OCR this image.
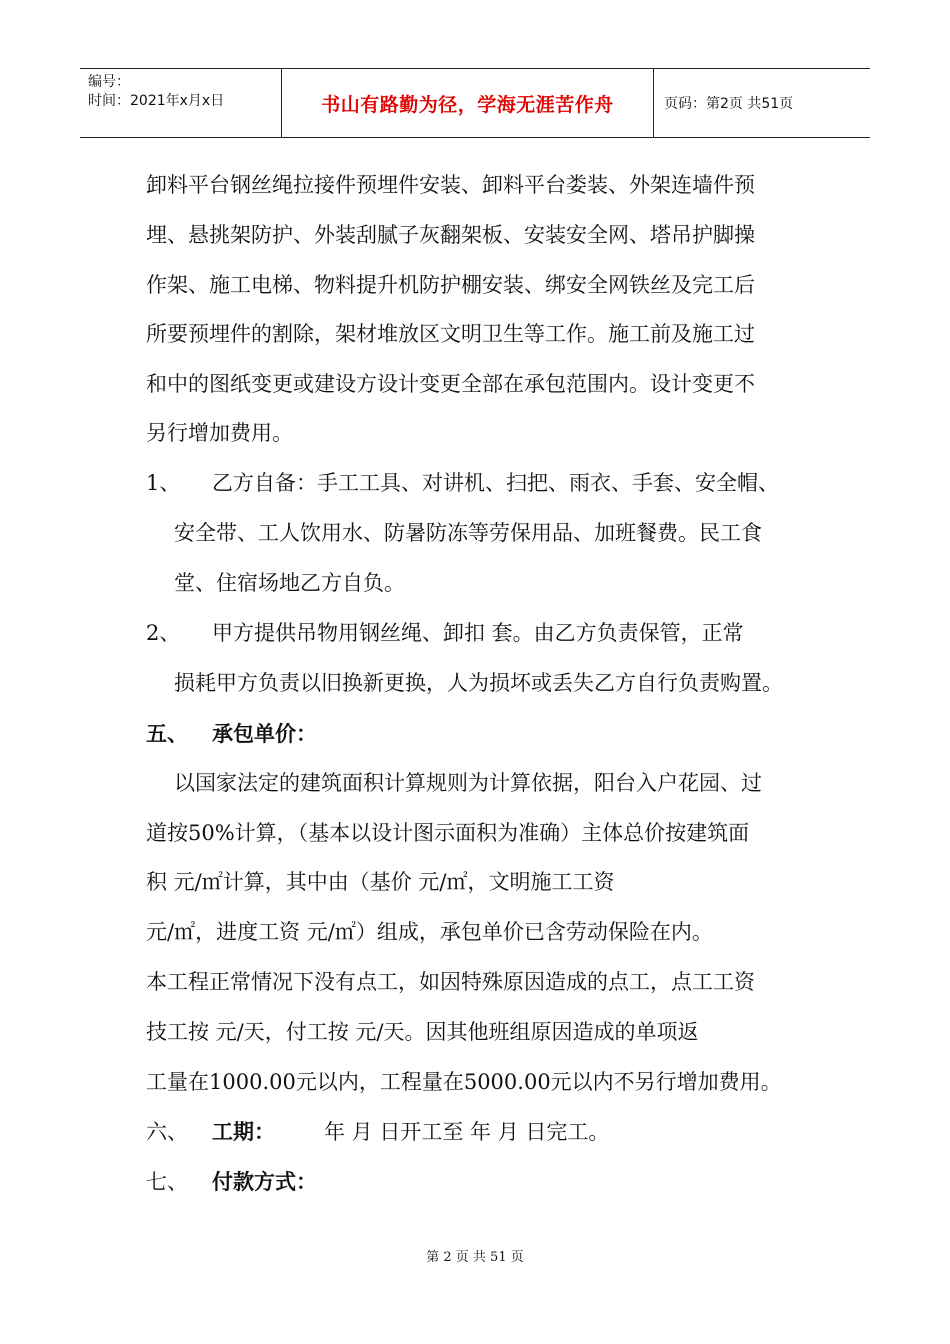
编号：
时间：2021年x月x日	书山有路勤为径，学海无涯苦作舟	页码：第2页 共51页
卸料平台钢丝绳拉接件预埋件安装、卸料平台娄装、外架连墙件预
埋、悬挑架防护、外装刮腻子灰翻架板、安装安全网、塔吊护脚操
作架、施工电梯、物料提升机防护棚安装、绑安全网铁丝及完工后
所要预埋件的割除，架材堆放区文明卫生等工作。施工前及施工过
和中的图纸变更或建设方设计变更全部在承包范围内。设计变更不
另行增加费用。
1、 乙方自备：手工工具、对讲机、扫把、雨衣、手套、安全帽、
安全带、工人饮用水、防暑防冻等劳保用品、加班餐费。民工食
堂、住宿场地乙方自负。
2、 甲方提供吊物用钢丝绳、卸扣 套。由乙方负责保管，正常
损耗甲方负责以旧换新更换，人为损坏或丢失乙方自行负责购置。
五、 承包单价：
以国家法定的建筑面积计算规则为计算依据，阳台入户花园、过
道按50%计算，（基本以设计图示面积为准确）主体总价按建筑面
积 元/㎡计算，其中由（基价 元/㎡，文明施工工资
元/㎡，进度工资 元/㎡）组成，承包单价已含劳动保险在内。
本工程正常情况下没有点工，如因特殊原因造成的点工，点工工资
技工按 元/天，付工按 元/天。因其他班组原因造成的单项返
工量在1000.00元以内，工程量在5000.00元以内不另行增加费用。
六、 工期： 年 月 日开工至 年 月 日完工。
七、 付款方式：
第 2 页 共 51 页
